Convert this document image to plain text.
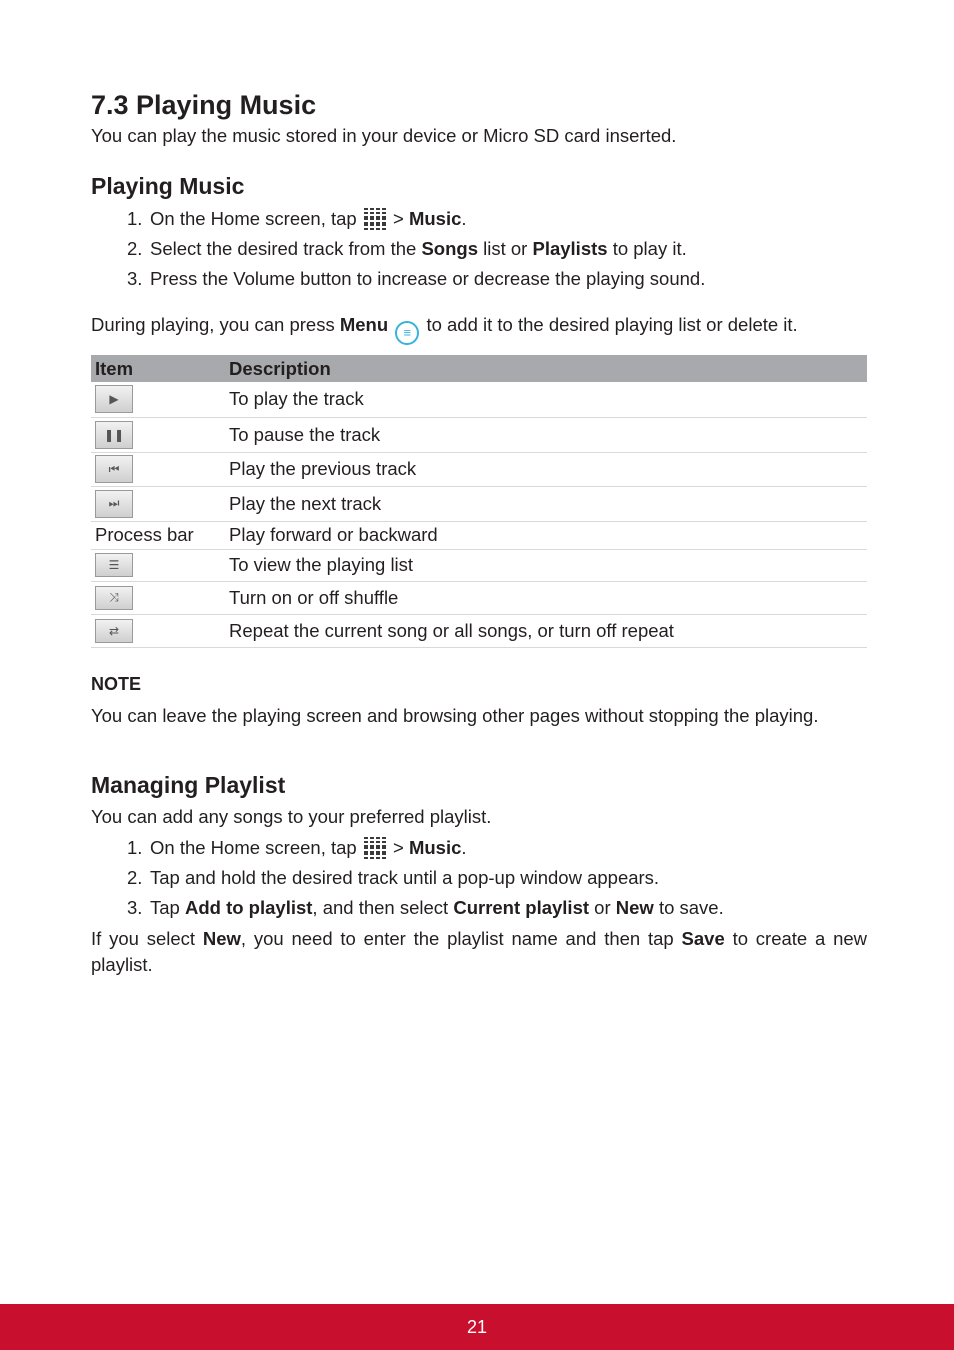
7.3 Playing Music

You can play the music stored in your device or Micro SD card inserted.

Playing Music

1. On the Home screen, tap > Music.

2. Select the desired track from the Songs list or Playlists to play it.

3. Press the Volume button to increase or decrease the playing sound.

During playing, you can press Menu ≡ to add it to the desired playing list or delete it.

Item	Description

▶	To play the track

❚❚	To pause the track

⏮	Play the previous track

⏭	Play the next track
Process bar	Play forward or backward

☰	To view the playing list

⤨	Turn on or off shuffle

⇄	Repeat the current song or all songs, or turn off repeat
NOTE

You can leave the playing screen and browsing other pages without stopping the playing.

Managing Playlist

You can add any songs to your preferred playlist.

1. On the Home screen, tap > Music.

2. Tap and hold the desired track until a pop-up window appears.

3. Tap Add to playlist, and then select Current playlist or New to save.

If you select New, you need to enter the playlist name and then tap Save to create a new playlist.

21
